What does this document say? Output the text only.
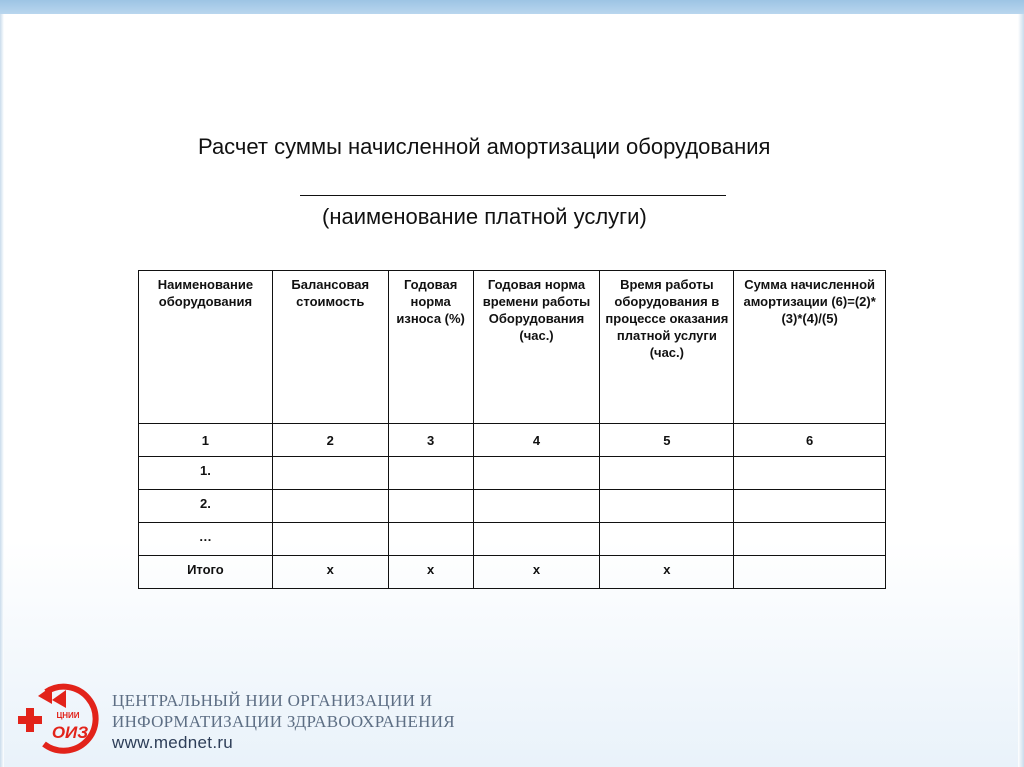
Расчет суммы начисленной амортизации оборудования
(наименование платной услуги)
Наименование оборудования	Балансовая стоимость	Годовая норма износа (%)	Годовая норма времени работы Оборудования (час.)	Время работы оборудования в процессе оказания платной услуги (час.)	Сумма начисленной амортизации (6)=(2)*(3)*(4)/(5)
1	2	3	4	5	6
1.					
2.					
…					
Итого	х	х	х	х	
ЦНИИ
ОИЗ
ЦЕНТРАЛЬНЫЙ НИИ ОРГАНИЗАЦИИ И
ИНФОРМАТИЗАЦИИ ЗДРАВООХРАНЕНИЯ
www.mednet.ru
